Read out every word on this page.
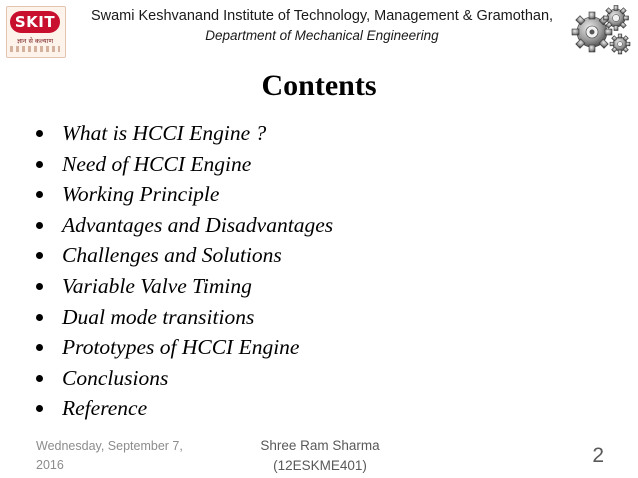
SKIT
ज्ञान से कल्याण
Swami Keshvanand Institute of Technology, Management & Gramothan,
Department of Mechanical Engineering
Contents
What is HCCI Engine ?
Need of HCCI Engine
Working Principle
Advantages and Disadvantages
Challenges and Solutions
Variable Valve Timing
Dual mode transitions
Prototypes of HCCI Engine
Conclusions
Reference
Wednesday, September 7, 2016
Shree Ram Sharma
(12ESKME401)	2
